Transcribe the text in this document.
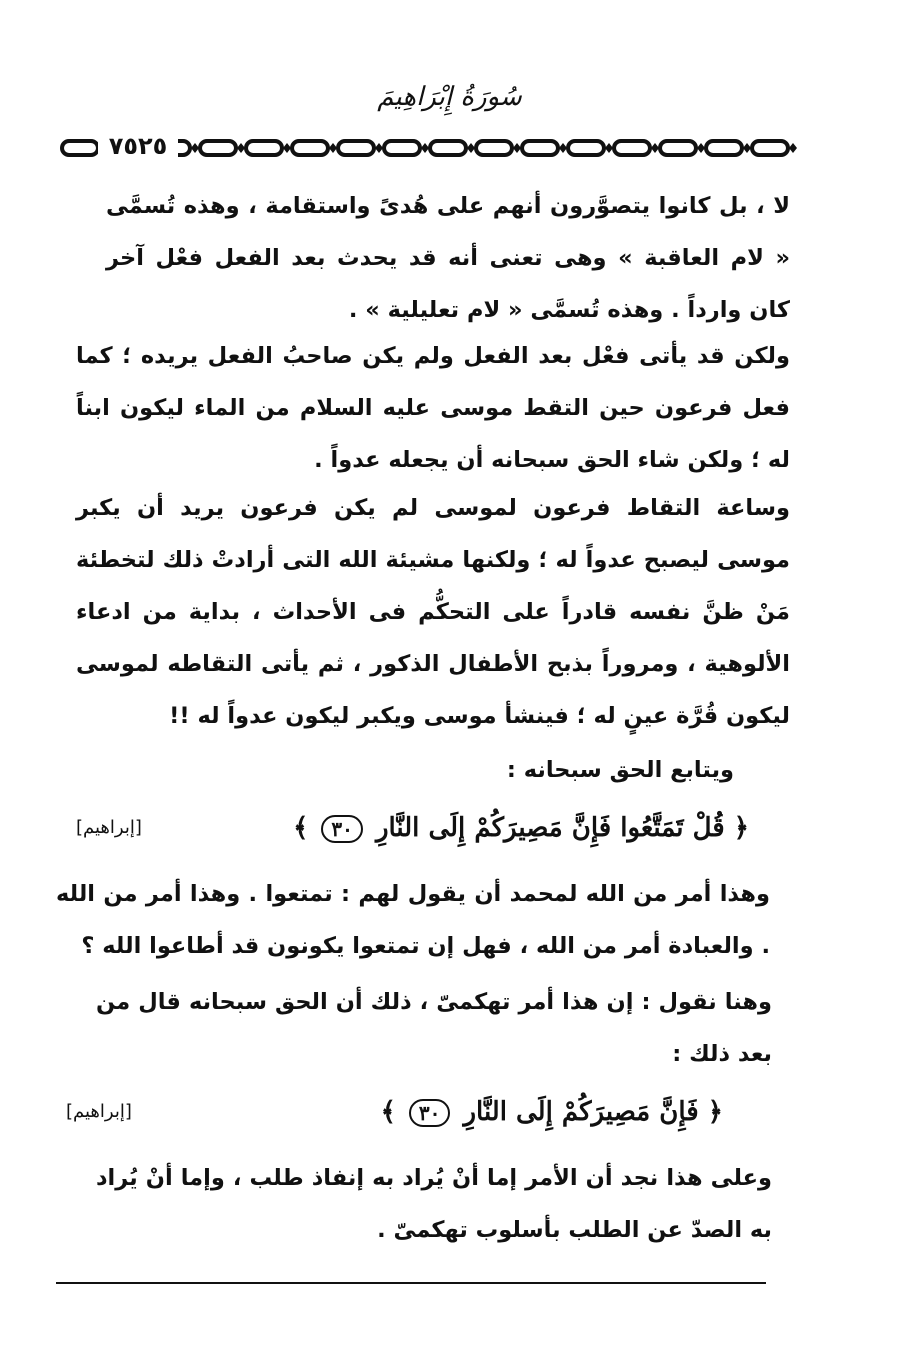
سُورَةُ إِبْرَاهِيمَ
٧٥٢٥

لا ، بل كانوا يتصوَّرون أنهم على هُدىً واستقامة ، وهذه تُسمَّى « لام العاقبة » وهى تعنى أنه قد يحدث بعد الفعل فعْل آخر كان وارداً . وهذه تُسمَّى « لام تعليلية » .

ولكن قد يأتى فعْل بعد الفعل ولم يكن صاحبُ الفعل يريده ؛ كما فعل فرعون حين التقط موسى عليه السلام من الماء ليكون ابناً له ؛ ولكن شاء الحق سبحانه أن يجعله عدواً .

وساعة التقاط فرعون لموسى لم يكن فرعون يريد أن يكبر موسى ليصبح عدواً له ؛ ولكنها مشيئة الله التى أرادتْ ذلك لتخطئة مَنْ ظنَّ نفسه قادراً على التحكُّم فى الأحداث ، بداية من ادعاء الألوهية ، ومروراً بذبح الأطفال الذكور ، ثم يأتى التقاطه لموسى ليكون قُرَّة عينٍ له ؛ فينشأ موسى ويكبر ليكون عدواً له !!

ويتابع الحق سبحانه :

﴿ قُلْ تَمَتَّعُوا فَإِنَّ مَصِيرَكُمْ إِلَى النَّارِ ٣٠ ﴾
[إبراهيم]

وهذا أمر من الله لمحمد أن يقول لهم : تمتعوا . وهذا أمر من الله . والعبادة أمر من الله ، فهل إن تمتعوا يكونون قد أطاعوا الله ؟

وهنا نقول : إن هذا أمر تهكمىّ ، ذلك أن الحق سبحانه قال من بعد ذلك :

﴿ فَإِنَّ مَصِيرَكُمْ إِلَى النَّارِ ٣٠ ﴾
[إبراهيم]

وعلى هذا نجد أن الأمر إما أنْ يُراد به إنفاذ طلب ، وإما أنْ يُراد به الصدّ عن الطلب بأسلوب تهكمىّ .
